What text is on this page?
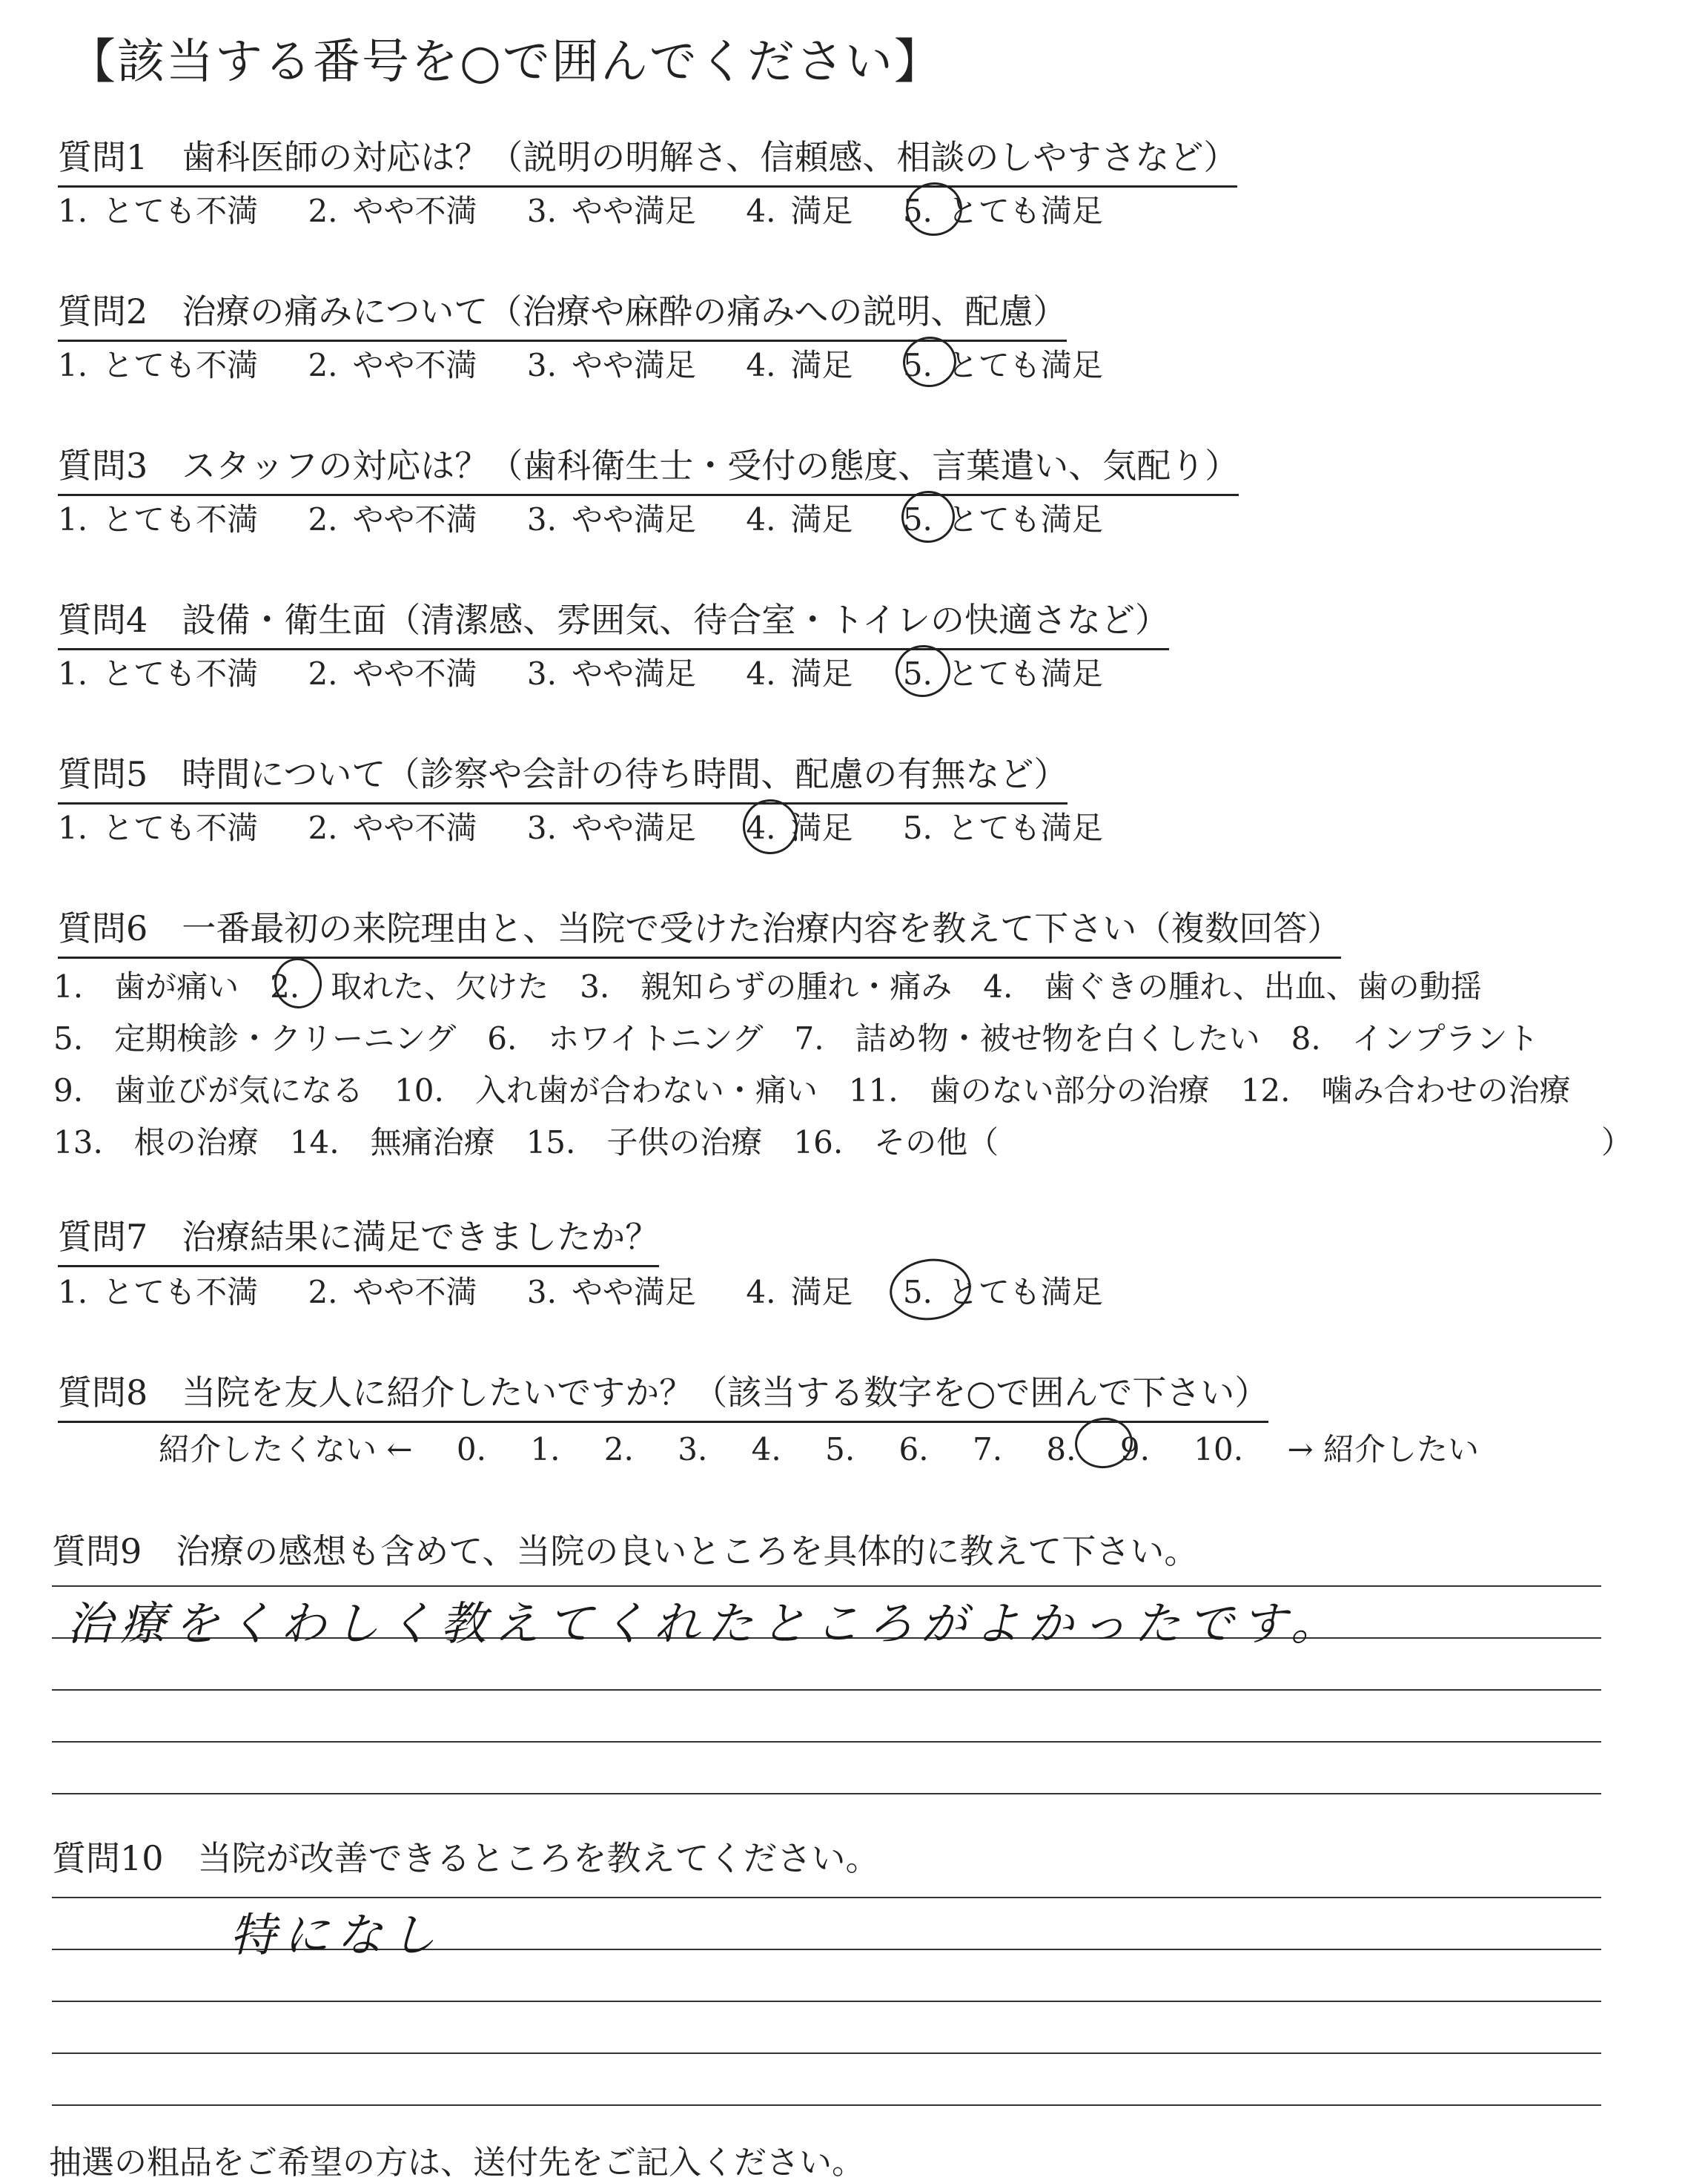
【該当する番号を○で囲んでください】
質問1　歯科医師の対応は？（説明の明解さ、信頼感、相談のしやすさなど）
1. とても不満 2. やや不満 3. やや満足 4. 満足 5. とても満足
質問2　治療の痛みについて（治療や麻酔の痛みへの説明、配慮）
1. とても不満 2. やや不満 3. やや満足 4. 満足 5. とても満足
質問3　スタッフの対応は？（歯科衛生士・受付の態度、言葉遣い、気配り）
1. とても不満 2. やや不満 3. やや満足 4. 満足 5. とても満足
質問4　設備・衛生面（清潔感、雰囲気、待合室・トイレの快適さなど）
1. とても不満 2. やや不満 3. やや満足 4. 満足 5. とても満足
質問5　時間について（診察や会計の待ち時間、配慮の有無など）
1. とても不満 2. やや不満 3. やや満足 4. 満足 5. とても満足
質問6　一番最初の来院理由と、当院で受けた治療内容を教えて下さい（複数回答）
1.　歯が痛い　2.　取れた、欠けた　3.　親知らずの腫れ・痛み　4.　歯ぐきの腫れ、出血、歯の動揺
5.　定期検診・クリーニング　6.　ホワイトニング　7.　詰め物・被せ物を白くしたい　8.　インプラント
9.　歯並びが気になる　10.　入れ歯が合わない・痛い　11.　歯のない部分の治療　12.　噛み合わせの治療
13.　根の治療　14.　無痛治療　15.　子供の治療　16.　その他（	）
質問7　治療結果に満足できましたか？
1. とても不満 2. やや不満 3. やや満足 4. 満足 5. とても満足
質問8　当院を友人に紹介したいですか？（該当する数字を○で囲んで下さい）
紹介したくない ← 0. 1. 2. 3. 4. 5. 6. 7. 8. 9. 10. → 紹介したい
質問9　治療の感想も含めて、当院の良いところを具体的に教えて下さい。
治療をくわしく教えてくれたところがよかったです。
質問10　当院が改善できるところを教えてください。
特になし
抽選の粗品をご希望の方は、送付先をご記入ください。
